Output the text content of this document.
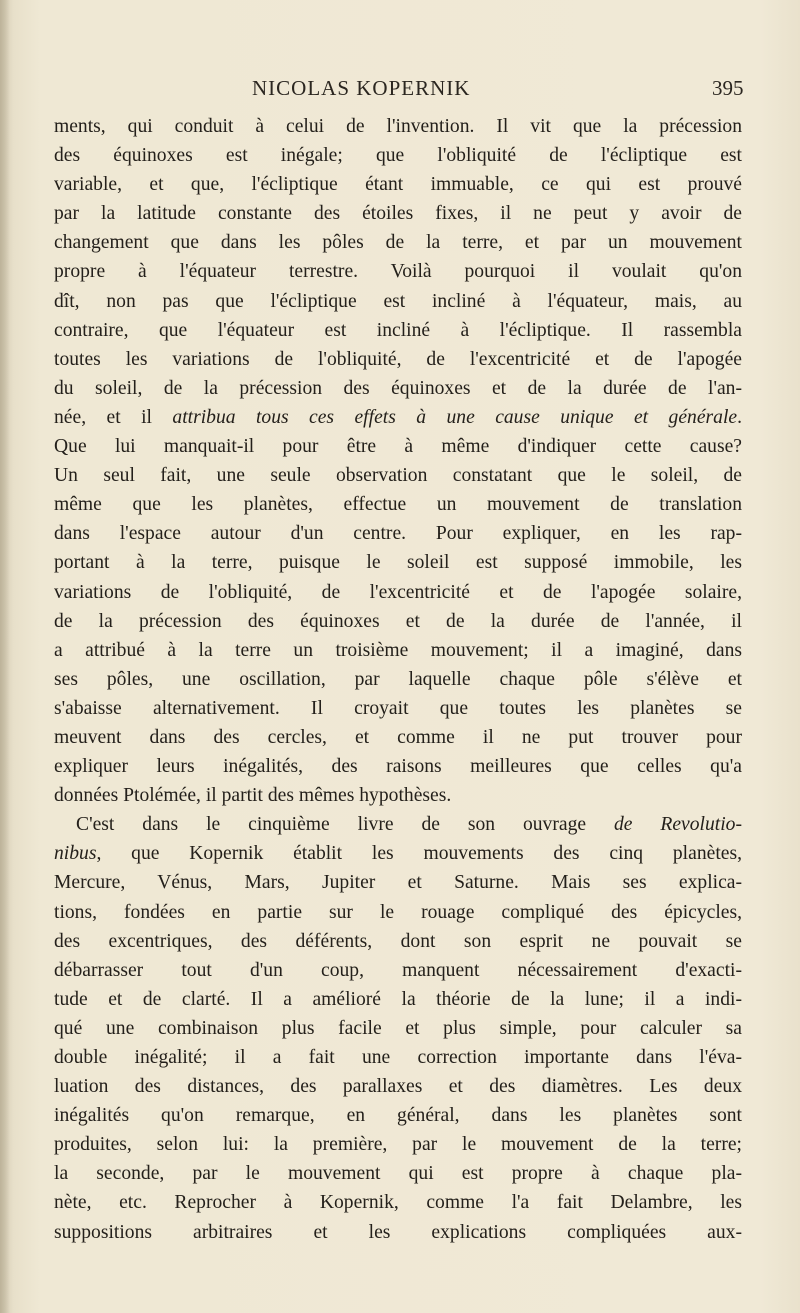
NICOLAS KOPERNIK	395
ments, qui conduit à celui de l'invention. Il vit que la précession
des équinoxes est inégale; que l'obliquité de l'écliptique est
variable, et que, l'écliptique étant immuable, ce qui est prouvé
par la latitude constante des étoiles fixes, il ne peut y avoir de
changement que dans les pôles de la terre, et par un mouvement
propre à l'équateur terrestre. Voilà pourquoi il voulait qu'on
dît, non pas que l'écliptique est incliné à l'équateur, mais, au
contraire, que l'équateur est incliné à l'écliptique. Il rassembla
toutes les variations de l'obliquité, de l'excentricité et de l'apogée
du soleil, de la précession des équinoxes et de la durée de l'an-
née, et il attribua tous ces effets à une cause unique et générale.
Que lui manquait-il pour être à même d'indiquer cette cause?
Un seul fait, une seule observation constatant que le soleil, de
même que les planètes, effectue un mouvement de translation
dans l'espace autour d'un centre. Pour expliquer, en les rap-
portant à la terre, puisque le soleil est supposé immobile, les
variations de l'obliquité, de l'excentricité et de l'apogée solaire,
de la précession des équinoxes et de la durée de l'année, il
a attribué à la terre un troisième mouvement; il a imaginé, dans
ses pôles, une oscillation, par laquelle chaque pôle s'élève et
s'abaisse alternativement. Il croyait que toutes les planètes se
meuvent dans des cercles, et comme il ne put trouver pour
expliquer leurs inégalités, des raisons meilleures que celles qu'a
données Ptolémée, il partit des mêmes hypothèses.
C'est dans le cinquième livre de son ouvrage de Revolutio-
nibus, que Kopernik établit les mouvements des cinq planètes,
Mercure, Vénus, Mars, Jupiter et Saturne. Mais ses explica-
tions, fondées en partie sur le rouage compliqué des épicycles,
des excentriques, des déférents, dont son esprit ne pouvait se
débarrasser tout d'un coup, manquent nécessairement d'exacti-
tude et de clarté. Il a amélioré la théorie de la lune; il a indi-
qué une combinaison plus facile et plus simple, pour calculer sa
double inégalité; il a fait une correction importante dans l'éva-
luation des distances, des parallaxes et des diamètres. Les deux
inégalités qu'on remarque, en général, dans les planètes sont
produites, selon lui: la première, par le mouvement de la terre;
la seconde, par le mouvement qui est propre à chaque pla-
nète, etc. Reprocher à Kopernik, comme l'a fait Delambre, les
suppositions arbitraires et les explications compliquées aux-
